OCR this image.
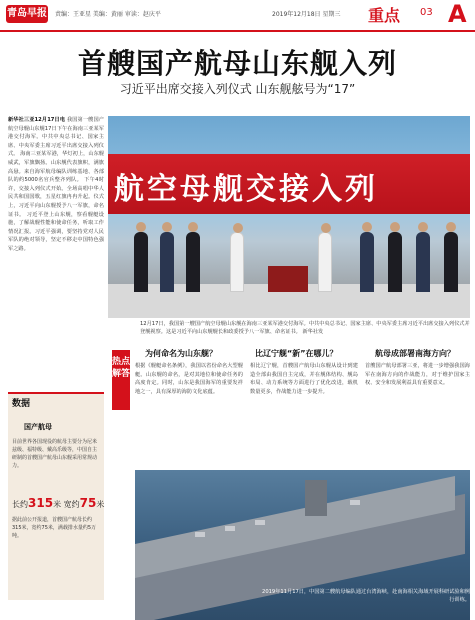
青岛早报 责编：王亚星 美编：黄丽 审读：赵庆平	2019年12月18日 星期三 重点 03 A
首艘国产航母山东舰入列
习近平出席交接入列仪式 山东舰舷号为“17”
新华社三亚12月17日电 我国第一艘国产航空母舰山东舰17日下午在海南三亚某军港交付海军。中共中央总书记、国家主席、中央军委主席习近平出席交接入列仪式。 海南三亚某军港，华灯初上，山东舰威武，军旗飘扬。山东舰代表旗帜，满旗高悬。来自海军航母编队训练基地、各部队的约5000名官兵整齐列队。 下午4时许，交接入列仪式开始。全场高唱中华人民共和国国歌，五星红旗冉冉升起。仪式上，习近平向山东舰授予八一军旗，命名证书。 习近平登上山东舰，察看舰艇设施，了解战舰性能和使命任务，听取工作情况汇报。习近平强调，要坚持党对人民军队的绝对领导，坚定不移走中国特色强军之路。
航空母舰交接入列
12月17日，我国第一艘国产航空母舰山东舰在海南三亚某军港交付海军。中共中央总书记、国家主席、中央军委主席习近平出席交接入列仪式并登舰视察。这是习近平向山东舰舰长和政委授予八一军旗、命名证书。 新华社发
热点解答
为何命名为山东舰？
根据《舰艇命名条例》，我国以省份命名大型舰艇。山东舰的命名，是对其地位和使命任务的高度肯定。同时，山东是我国海军的重要发祥地之一，具有深厚的海防文化底蕴。
比辽宁舰“新”在哪儿？
相比辽宁舰，首艘国产航母山东舰从设计到建造全部由我国自主完成，并在舰体结构、舰岛布局、动力系统等方面进行了优化改进，载机数量更多，作战能力进一步提升。
航母成部署南海方向？
首艘国产航母部署三亚，将进一步增强我国海军在南海方向的作战能力，对于维护国家主权、安全和发展利益具有重要意义。
数据
国产航母
目前世界各国现役的航母主要分为尼米兹级、福特级、戴高乐级等，中国自主研制的首艘国产航母山东舰采用常规动力。
长约315米 宽约75米
据此前公开报道，首艘国产航母长约315米，宽约75米，满载排水量约5万吨。
2019年11月17日，中国第二艘航母编队通过台湾海峡，赴南海相关海域开展科研试验和例行训练。
